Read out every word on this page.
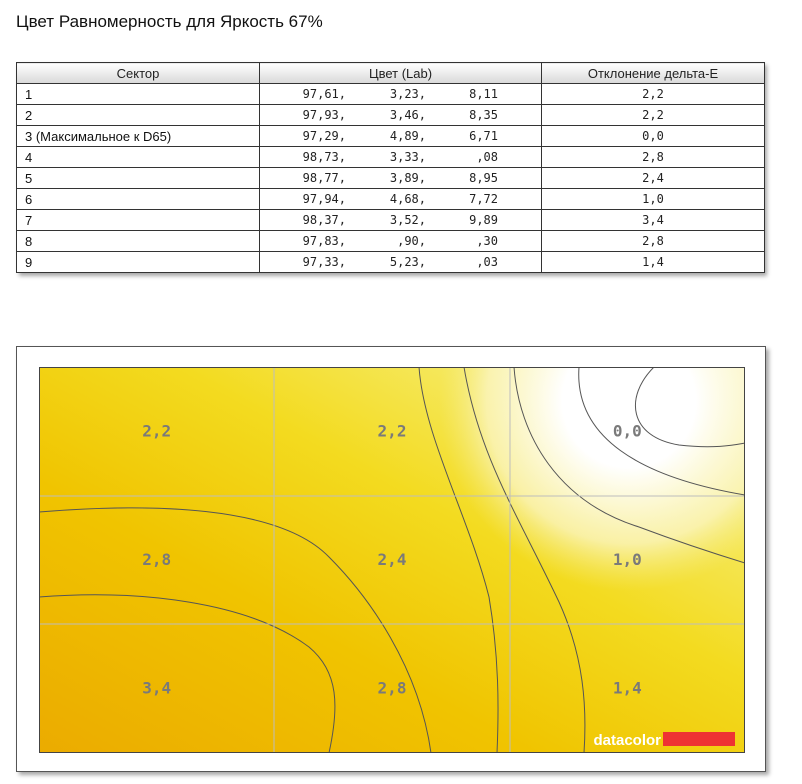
Цвет Равномерность для Яркость 67%
Сектор	Цвет (Lab)	Отклонение дельта-E
1	97,61, 3,23, 8,11	2,2
2	97,93, 3,46, 8,35	2,2
3 (Максимальное к D65)	97,29, 4,89, 6,71	0,0
4	98,73, 3,33, ,08	2,8
5	98,77, 3,89, 8,95	2,4
6	97,94, 4,68, 7,72	1,0
7	98,37, 3,52, 9,89	3,4
8	97,83, ,90, ,30	2,8
9	97,33, 5,23, ,03	1,4
2,2	2,2	0,0
2,8	2,4	1,0
3,4	2,8	1,4
datacolor
